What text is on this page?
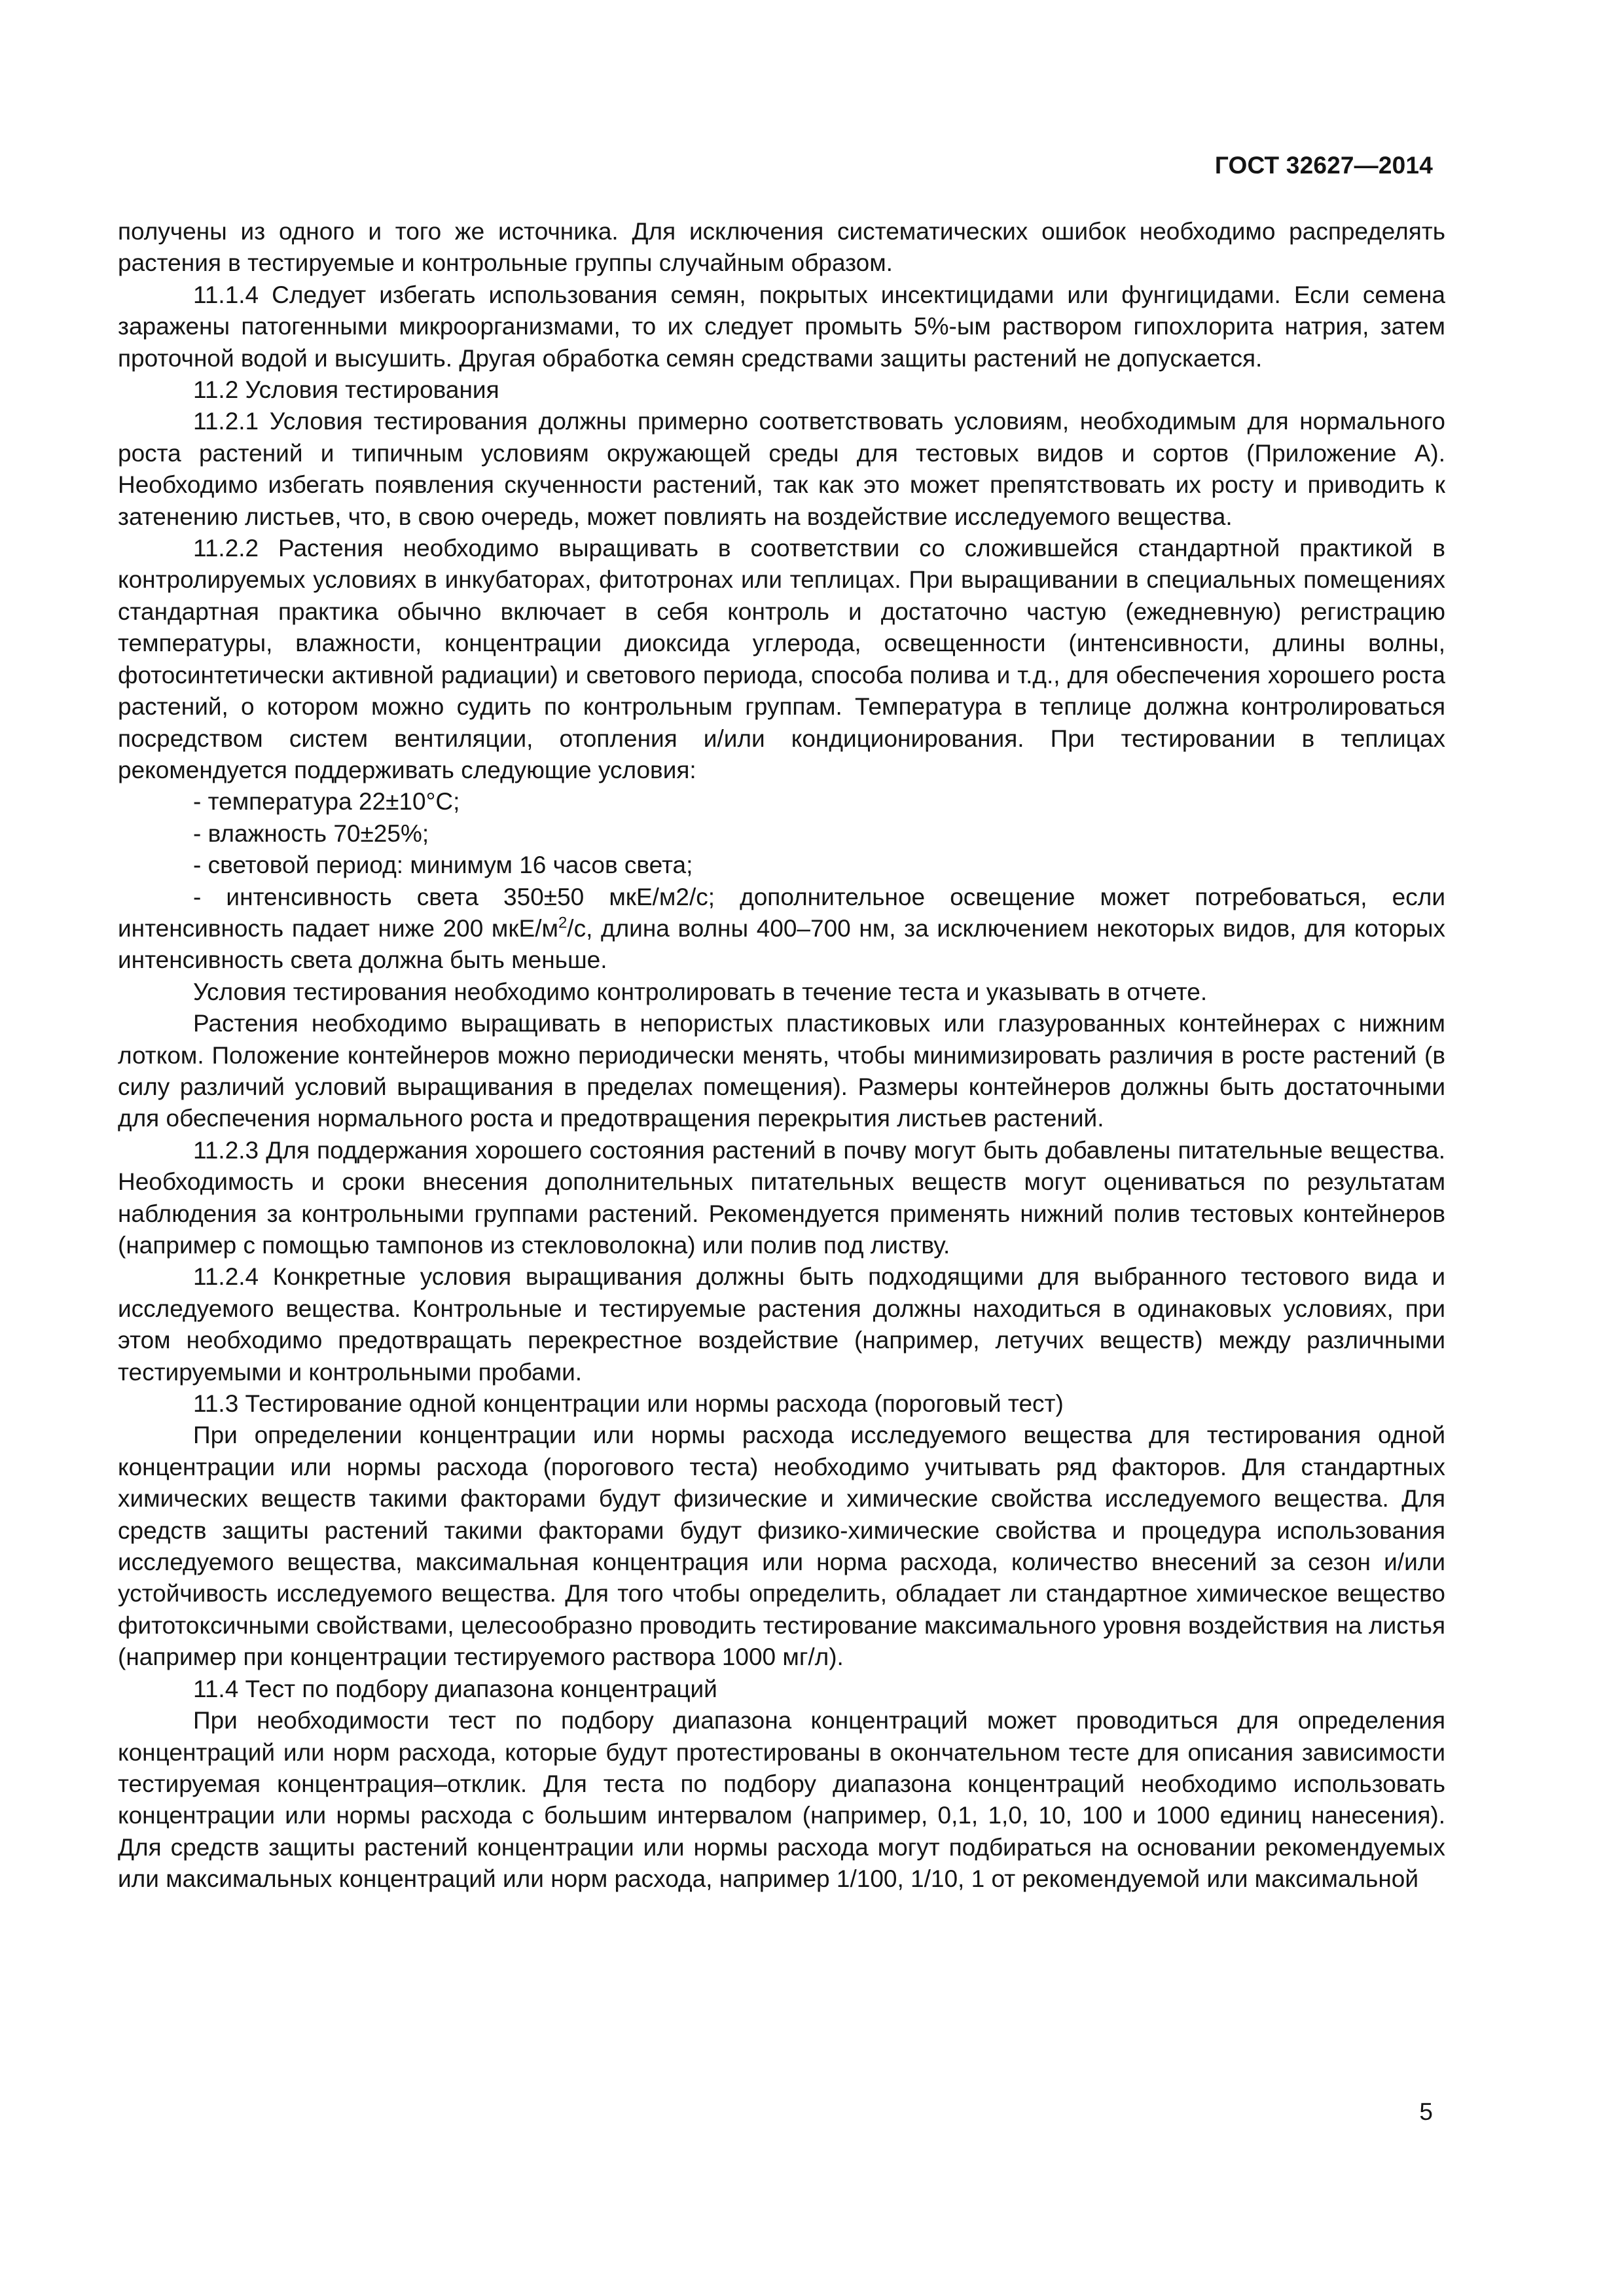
ГОСТ 32627—2014

получены из одного и того же источника. Для исключения систематических ошибок необходимо распределять растения в тестируемые и контрольные группы случайным образом.

11.1.4 Следует избегать использования семян, покрытых инсектицидами или фунгицидами. Если семена заражены патогенными микроорганизмами, то их следует промыть 5%-ым раствором гипохлорита натрия, затем проточной водой и высушить. Другая обработка семян средствами защиты растений не допускается.

11.2 Условия тестирования

11.2.1 Условия тестирования должны примерно соответствовать условиям, необходимым для нормального роста растений и типичным условиям окружающей среды для тестовых видов и сортов (Приложение А). Необходимо избегать появления скученности растений, так как это может препятствовать их росту и приводить к затенению листьев, что, в свою очередь, может повлиять на воздействие исследуемого вещества.

11.2.2 Растения необходимо выращивать в соответствии со сложившейся стандартной практикой в контролируемых условиях в инкубаторах, фитотронах или теплицах. При выращивании в специальных помещениях стандартная практика обычно включает в себя контроль и достаточно частую (ежедневную) регистрацию температуры, влажности, концентрации диоксида углерода, освещенности (интенсивности, длины волны, фотосинтетически активной радиации) и светового периода, способа полива и т.д., для обеспечения хорошего роста растений, о котором можно судить по контрольным группам. Температура в теплице должна контролироваться посредством систем вентиляции, отопления и/или кондиционирования. При тестировании в теплицах рекомендуется поддерживать следующие условия:

- температура 22±10°С;

- влажность 70±25%;

- световой период: минимум 16 часов света;

- интенсивность света 350±50 мкЕ/м2/с; дополнительное освещение может потребоваться, если интенсивность падает ниже 200 мкЕ/$м^2/с$, длина волны 400–700 нм, за исключением некоторых видов, для которых интенсивность света должна быть меньше.

Условия тестирования необходимо контролировать в течение теста и указывать в отчете.

Растения необходимо выращивать в непористых пластиковых или глазурованных контейнерах с нижним лотком. Положение контейнеров можно периодически менять, чтобы минимизировать различия в росте растений (в силу различий условий выращивания в пределах помещения). Размеры контейнеров должны быть достаточными для обеспечения нормального роста и предотвращения перекрытия листьев растений.

11.2.3 Для поддержания хорошего состояния растений в почву могут быть добавлены питательные вещества. Необходимость и сроки внесения дополнительных питательных веществ могут оцениваться по результатам наблюдения за контрольными группами растений. Рекомендуется применять нижний полив тестовых контейнеров (например с помощью тампонов из стекловолокна) или полив под листву.

11.2.4 Конкретные условия выращивания должны быть подходящими для выбранного тестового вида и исследуемого вещества. Контрольные и тестируемые растения должны находиться в одинаковых условиях, при этом необходимо предотвращать перекрестное воздействие (например, летучих веществ) между различными тестируемыми и контрольными пробами.

11.3 Тестирование одной концентрации или нормы расхода (пороговый тест)

При определении концентрации или нормы расхода исследуемого вещества для тестирования одной концентрации или нормы расхода (порогового теста) необходимо учитывать ряд факторов. Для стандартных химических веществ такими факторами будут физические и химические свойства исследуемого вещества. Для средств защиты растений такими факторами будут физико-химические свойства и процедура использования исследуемого вещества, максимальная концентрация или норма расхода, количество внесений за сезон и/или устойчивость исследуемого вещества. Для того чтобы определить, обладает ли стандартное химическое вещество фитотоксичными свойствами, целесообразно проводить тестирование максимального уровня воздействия на листья (например при концентрации тестируемого раствора 1000 мг/л).

11.4 Тест по подбору диапазона концентраций

При необходимости тест по подбору диапазона концентраций может проводиться для определения концентраций или норм расхода, которые будут протестированы в окончательном тесте для описания зависимости тестируемая концентрация–отклик. Для теста по подбору диапазона концентраций необходимо использовать концентрации или нормы расхода с большим интервалом (например, 0,1, 1,0, 10, 100 и 1000 единиц нанесения). Для средств защиты растений концентрации или нормы расхода могут подбираться на основании рекомендуемых или максимальных концентраций или норм расхода, например 1/100, 1/10, 1 от рекомендуемой или максимальной

5
